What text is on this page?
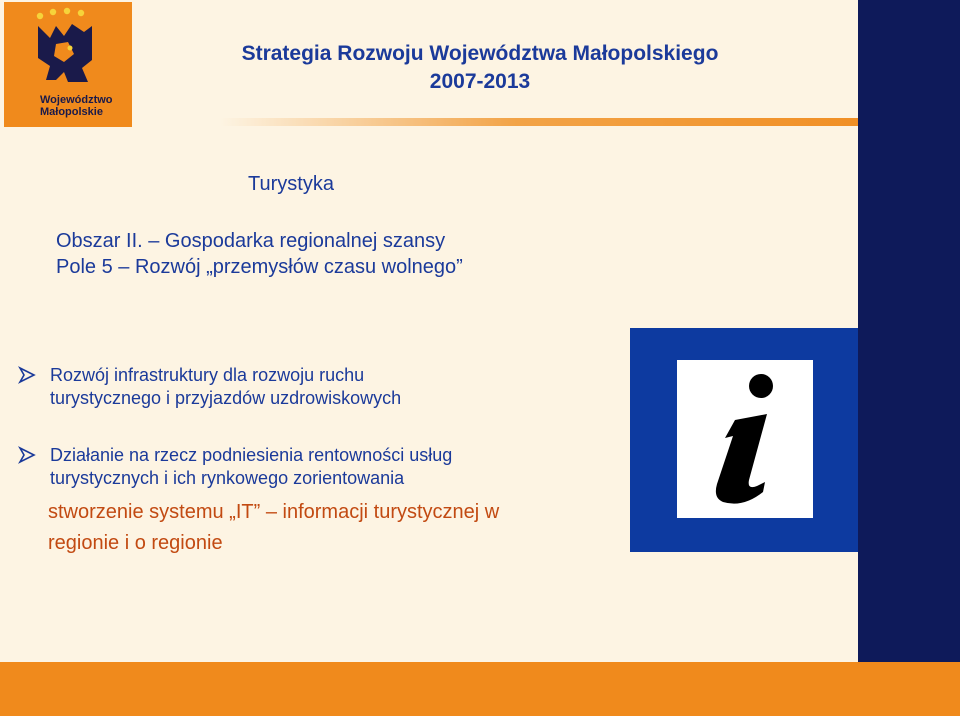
Województwo
Małopolskie
Strategia Rozwoju Województwa Małopolskiego
2007-2013
Turystyka
Obszar II. – Gospodarka regionalnej szansy
Pole 5 – Rozwój „przemysłów czasu wolnego”
Rozwój infrastruktury dla rozwoju ruchu
turystycznego i przyjazdów uzdrowiskowych
Działanie na rzecz podniesienia rentowności usług
turystycznych i ich rynkowego zorientowania
stworzenie systemu „IT” – informacji turystycznej w
regionie i o regionie
